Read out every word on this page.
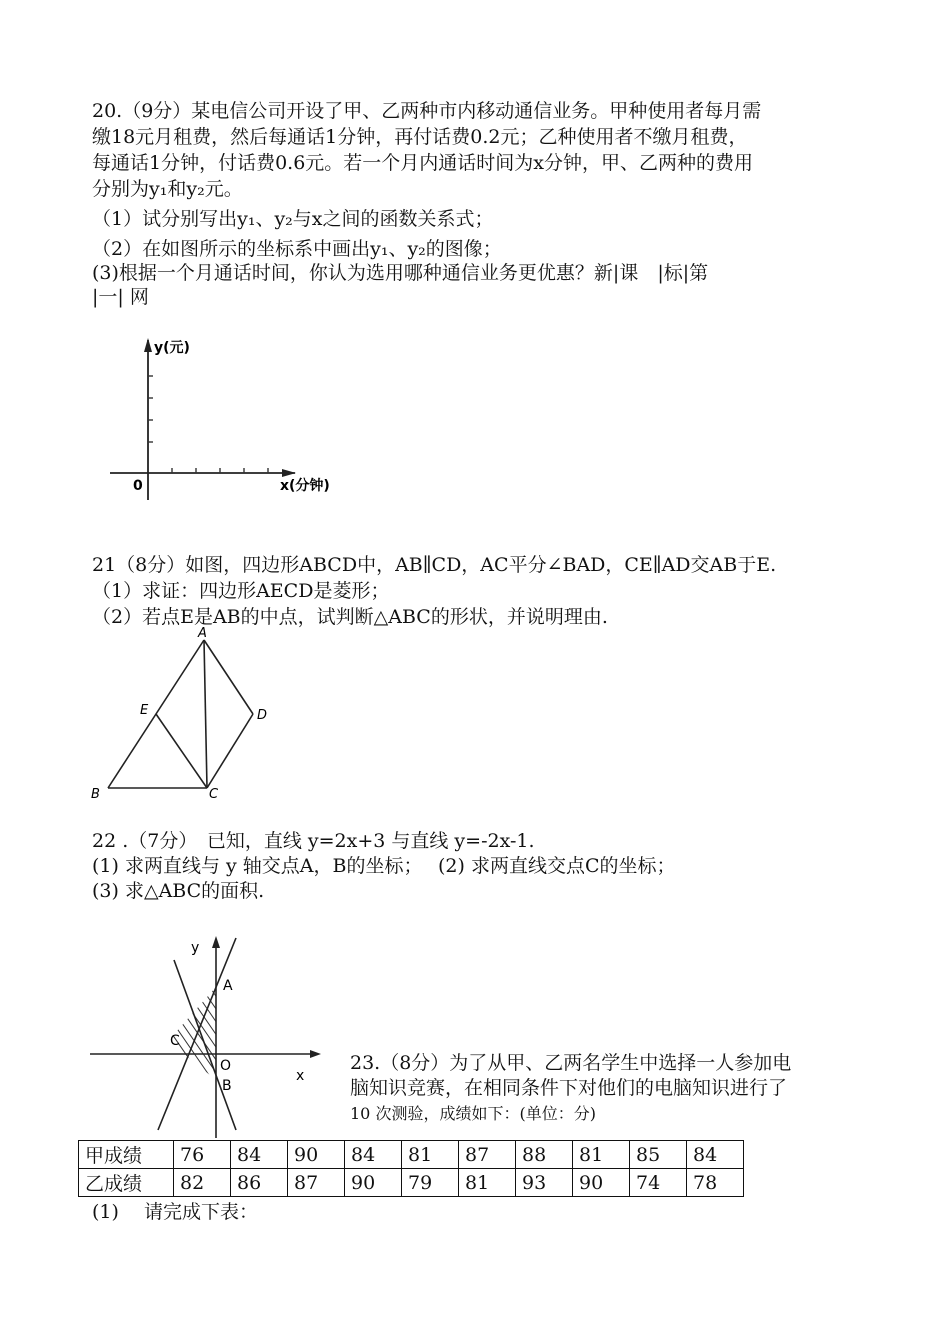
20.（9分）某电信公司开设了甲、乙两种市内移动通信业务。甲种使用者每月需
缴18元月租费，然后每通话1分钟，再付话费0.2元；乙种使用者不缴月租费，
每通话1分钟，付话费0.6元。若一个月内通话时间为x分钟，甲、乙两种的费用
分别为y₁和y₂元。
（1）试分别写出y₁、y₂与x之间的函数关系式；
（2）在如图所示的坐标系中画出y₁、y₂的图像；
(3)根据一个月通话时间，你认为选用哪种通信业务更优惠？新|课　|标|第
|一| 网
y(元)
x(分钟)
0
21（8分）如图，四边形ABCD中，AB∥CD，AC平分∠BAD，CE∥AD交AB于E.
（1）求证：四边形AECD是菱形；
（2）若点E是AB的中点，试判断△ABC的形状，并说明理由.
A
B	C
D
E
22 .（7分）　已知，直线 y=2x+3 与直线 y=-2x-1.
(1) 求两直线与 y 轴交点A，B的坐标；　 (2) 求两直线交点C的坐标；
(3) 求△ABC的面积.
y
x
A
B
C
O	23.（8分）为了从甲、乙两名学生中选择一人参加电
脑知识竞赛，在相同条件下对他们的电脑知识进行了
10 次测验，成绩如下：(单位：分)
甲成绩	76	84	90	84	81	87	88	81	85	84
乙成绩	82	86	87	90	79	81	93	90	74	78
(1)　 请完成下表：
